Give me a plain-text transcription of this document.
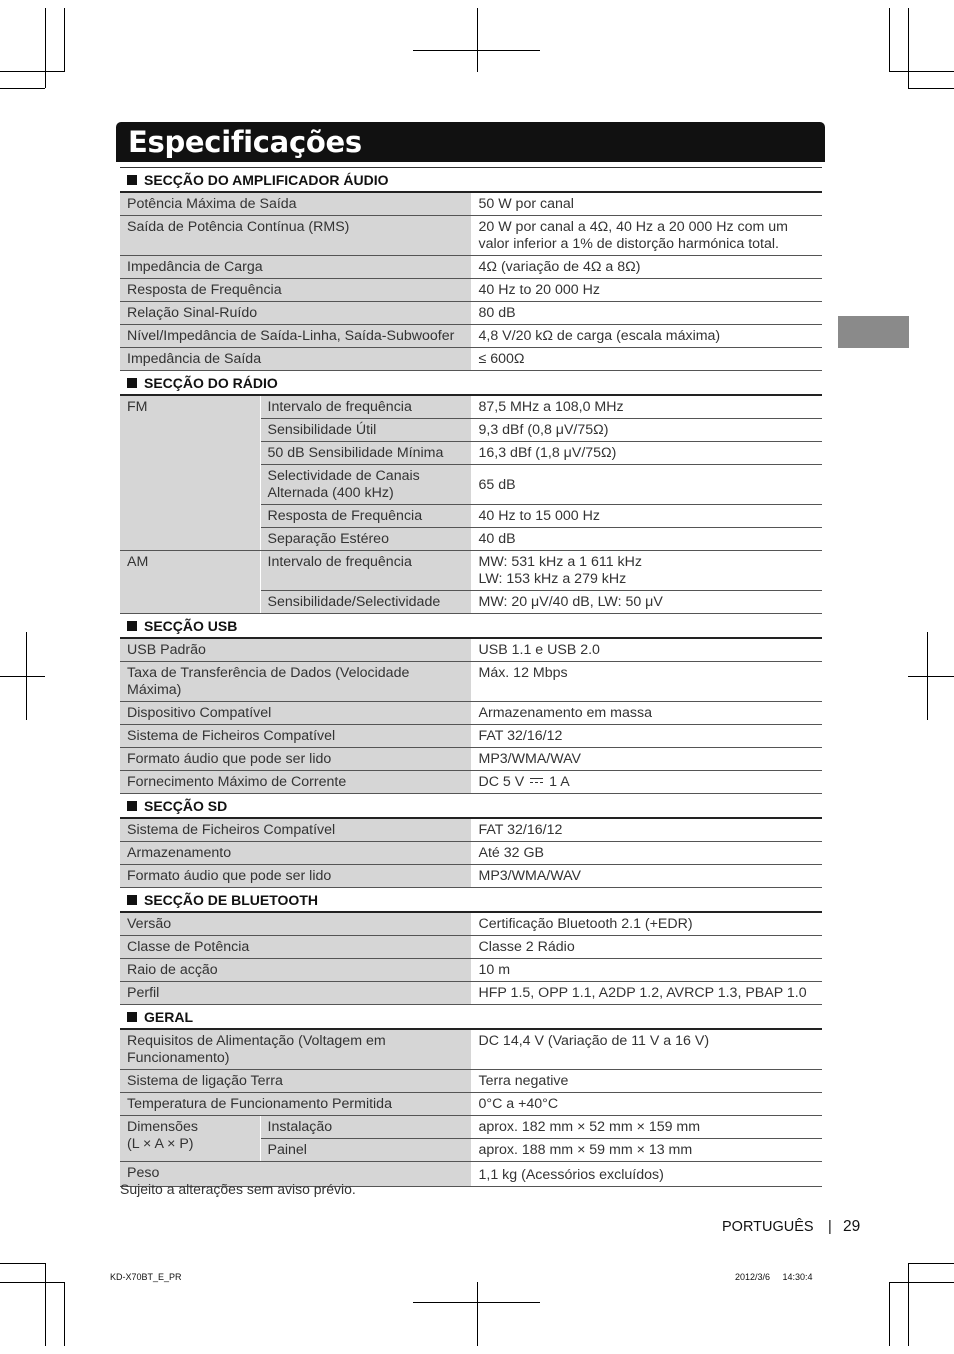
Especificações
SECÇÃO DO AMPLIFICADOR ÁUDIO		
Potência Máxima de Saída		50 W por canal
Saída de Potência Contínua (RMS)		20 W por canal a 4Ω, 40 Hz a 20 000 Hz com um valor inferior a 1% de distorção harmónica total.
Impedância de Carga		4Ω (variação de 4Ω a 8Ω)
Resposta de Frequência		40 Hz to 20 000 Hz
Relação Sinal-Ruído		80 dB
Nível/Impedância de Saída-Linha, Saída-Subwoofer		4,8 V/20 kΩ de carga (escala máxima)
Impedância de Saída		≤ 600Ω
SECÇÃO DO RÁDIO		
FM	Intervalo de frequência	87,5 MHz a 108,0 MHz
	Sensibilidade Útil	9,3 dBf (0,8 μV/75Ω)
	50 dB Sensibilidade Mínima	16,3 dBf (1,8 μV/75Ω)
	Selectividade de Canais Alternada (400 kHz)	65 dB
	Resposta de Frequência	40 Hz to 15 000 Hz
	Separação Estéreo	40 dB
AM	Intervalo de frequência	MW: 531 kHz a 1 611 kHz
LW: 153 kHz a 279 kHz

	Sensibilidade/Selectividade	MW: 20 μV/40 dB, LW: 50 μV
SECÇÃO USB		
USB Padrão		USB 1.1 e USB 2.0
Taxa de Transferência de Dados (Velocidade Máxima)		Máx. 12 Mbps
Dispositivo Compatível		Armazenamento em massa
Sistema de Ficheiros Compatível		FAT 32/16/12
Formato áudio que pode ser lido		MP3/WMA/WAV
Fornecimento Máximo de Corrente		DC 5 V 1 A
SECÇÃO SD		
Sistema de Ficheiros Compatível		FAT 32/16/12
Armazenamento		Até 32 GB
Formato áudio que pode ser lido		MP3/WMA/WAV
SECÇÃO DE BLUETOOTH		
Versão		Certificação Bluetooth 2.1 (+EDR)
Classe de Potência		Classe 2 Rádio
Raio de acção		10 m
Perfil		HFP 1.5, OPP 1.1, A2DP 1.2, AVRCP 1.3, PBAP 1.0
GERAL		
Requisitos de Alimentação (Voltagem em Funcionamento)		DC 14,4 V (Variação de 11 V a 16 V)
Sistema de ligação Terra		Terra negative
Temperatura de Funcionamento Permitida		0°C a +40°C

Dimensões
(L × A × P)	Instalação	aprox. 182 mm × 52 mm × 159 mm
	Painel	aprox. 188 mm × 59 mm × 13 mm
Peso		1,1 kg (Acessórios excluídos)
Sujeito a alterações sem aviso prévio.
PORTUGUÊS | 29
KD-X70BT_E_PR	2012/3/6     14:30:4
